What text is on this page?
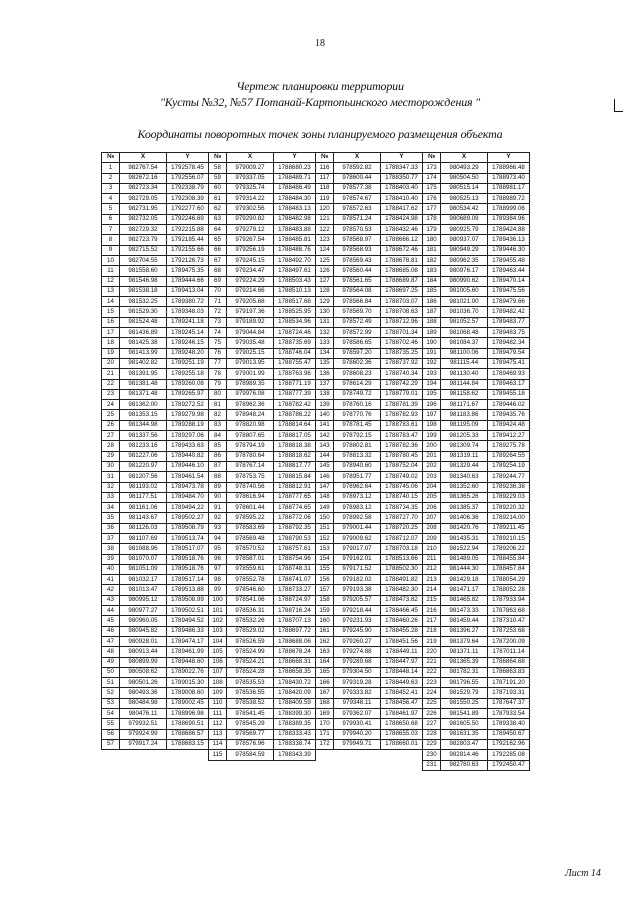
18
Чертеж планировки территории
"Кусты №32, №57 Потанай-Картопьинского месторождения "
Координаты поворотных точек зоны планируемого размещения объекта
№	X	Y	№	X	Y	№	X	Y	№	X	Y
1	982767.54	1792578.45	58	979009.27	1788680.23	116	978592.82	1788347.33	173	980493.29	1788966.48
2	982672.16	1792556.07	59	979337.05	1788489.71	117	978600.44	1788350.77	174	980504.50	1788973.40
3	982723.34	1792338.79	60	979325.74	1788486.49	118	978577.38	1788403.40	175	980515.14	1788981.17
4	982729.05	1792308.39	61	979314.22	1788484.30	119	978574.67	1788410.40	176	980525.13	1788989.72
5	982731.95	1792277.60	62	979302.56	1788483.13	120	978572.63	1788417.62	177	980534.42	1788999.06
6	982732.05	1792246.69	63	979290.82	1788482.98	121	978571.24	1788424.98	178	980689.09	1789384.96
7	982729.32	1792215.88	64	979279.12	1788483.88	122	978570.53	1788432.46	179	980925.79	1789424.88
8	982723.79	1792185.44	65	979267.54	1788485.81	123	978568.97	1788666.12	180	980937.07	1789436.13
9	982715.52	1792155.66	66	979256.19	1788488.76	124	978568.93	1788672.46	181	980949.29	1789446.30
10	982704.55	1792126.73	67	979245.15	1788492.70	125	978569.43	1788678.81	182	980962.35	1789455.48
11	981558.60	1789475.35	68	979234.47	1788497.61	126	978560.44	1788685.08	183	980976.17	1789463.44
12	981546.98	1789444.66	69	979224.29	1788503.43	127	978561.65	1788689.87	184	980990.62	1789470.14
13	981538.18	1789413.04	70	979214.66	1788510.13	128	978564.08	1788697.25	185	981005.60	1789475.56
14	981532.25	1789380.72	71	979205.68	1788517.68	129	978566.84	1788703.07	186	981021.00	1789479.66
15	981529.30	1789348.03	72	979197.36	1788525.95	130	978569.70	1788708.63	187	981036.70	1789482.42
16	981524.48	1789241.18	73	979189.92	1788534.96	131	978572.49	1788712.96	188	981052.57	1789483.77
17	981436.89	1789245.14	74	979044.84	1788724.46	132	978572.99	1788701.34	189	981068.48	1789483.75
18	981425.38	1789246.15	75	979035.48	1788735.69	133	978586.65	1788702.46	190	981084.37	1789482.34
19	981413.99	1789248.20	76	979025.15	1788746.04	134	978597.20	1788735.25	191	981100.06	1789479.54
20	981402.82	1789251.19	77	979013.95	1788755.47	135	978602.36	1788737.92	192	981115.44	1789475.41
21	981391.95	1789255.18	78	979001.99	1788763.96	136	978608.23	1788740.34	193	981130.40	1789469.93
22	981381.48	1789260.08	79	978989.35	1788771.19	137	978614.29	1788742.29	194	981144.84	1789463.17
23	981371.48	1789265.97	80	979976.08	1788777.39	138	978749.72	1788779.01	195	981158.62	1789455.18
24	981362.00	1789272.52	81	978962.36	1788782.42	139	978760.16	1788781.39	196	981171.67	1789446.02
25	981353.15	1789279.98	82	978948.24	1788786.22	140	978770.76	1788782.93	197	981183.86	1789435.76
26	981344.98	1789288.19	83	978820.98	1788814.64	141	978781.45	1788783.61	198	981195.09	1789424.48
27	981337.56	1789297.06	84	978807.65	1788817.05	142	978792.15	1788783.47	199	981205.33	1789412.27
28	981233.16	1789433.63	85	978794.19	1788818.38	143	978802.81	1788782.36	200	981309.74	1789275.78
29	981227.06	1789440.82	86	978780.64	1788818.62	144	978813.32	1788780.45	201	981319.11	1789264.55
30	981220.97	1789446.10	87	978767.14	1788817.77	145	978940.60	1788752.04	202	981329.44	1789254.19
31	981207.56	1789461.54	88	978753.75	1788815.84	146	978951.77	1788749.02	203	981340.63	1789244.77
32	981193.02	1789473.78	89	978740.56	1788812.91	147	978962.64	1788745.06	204	981352.60	1789236.38
33	981177.51	1789484.70	90	978616.94	1788777.65	148	978973.12	1788740.15	205	981365.26	1789229.03
34	981161.06	1789494.22	91	978601.44	1788774.65	149	978983.12	1788734.35	206	981385.37	1789220.32
35	981143.67	1789502.27	92	978595.22	1788772.06	150	978992.58	1788727.70	207	981406.36	1789214.00
36	981126.03	1789508.79	93	978583.69	1788792.35	151	979001.44	1788720.25	208	981420.76	1789211.45
37	981107.69	1789513.74	94	978569.48	1788790.53	152	979009.62	1788712.07	209	981435.31	1789210.15
38	981088.96	1789517.07	95	978570.52	1788757.61	153	979017.07	1788703.18	210	981522.94	1789206.22
39	981070.07	1789518.76	96	978587.01	1788754.96	154	979162.01	1788513.66	211	981489.05	1788455.84
40	981051.09	1789518.76	97	978559.61	1788748.31	155	979171.52	1788502.30	212	981444.30	1788457.84
41	981032.17	1789517.14	98	978552.78	1788741.07	156	979182.02	1788491.82	213	981429.18	1788054.29
42	981013.47	1789513.88	99	978546.60	1788733.27	157	979193.38	1788482.30	214	981471.17	1788052.28
43	980995.12	1789508.99	100	978541.06	1788724.97	158	979205.57	1788473.82	215	981465.82	1787933.94
44	980977.27	1789502.51	101	978536.31	1788716.24	159	979218.44	1788466.45	216	981473.33	1787863.68
45	980960.05	1789494.52	102	978532.26	1788707.13	160	979231.93	1788460.26	217	981459.44	1787310.47
46	980945.82	1789486.33	103	978529.02	1788697.72	161	979245.90	1788455.28	218	981396.27	1787253.68
47	980928.01	1789474.17	104	978526.59	1788688.06	162	979260.27	1788451.56	219	981379.64	1787200.09
48	980913.44	1789461.99	105	978524.99	1788678.24	163	979274.88	1788449.11	220	981371.11	1787011.14
49	980899.99	1789448.60	106	978524.21	1788668.31	164	979289.68	1788447.97	221	981365.39	1786864.68
50	980508.62	1789022.76	107	978524.28	1788658.35	165	979304.50	1788448.14	222	981782.31	1786863.83
51	980501.26	1789015.30	108	978535.53	1788430.72	166	979319.28	1788449.63	223	981796.55	1787191.20
52	980493.36	1789008.60	109	978536.55	1788420.09	167	979333.82	1788452.41	224	981529.79	1787193.31
53	980484.98	1789002.45	110	978538.52	1788409.59	168	979348.11	1788456.47	225	981550.25	1787647.37
54	980476.11	1788996.98	111	978541.45	1788399.30	169	979362.07	1788461.97	226	981541.89	1787933.54
55	979932.51	1788690.51	112	978545.29	1788389.35	170	979930.41	1788650.68	227	981605.50	1789338.40
56	979924.99	1788686.57	113	978569.77	1788333.43	171	979940.20	1788655.03	228	981631.35	1789450.67
57	979917.24	1788683.15	114	978576.96	1788338.74	172	979949.71	1788660.01	229	982803.47	1792162.96
			115	978584.59	1788343.39				230	982814.46	1792285.08
									231	982780.63	1792450.47
Лист 14
